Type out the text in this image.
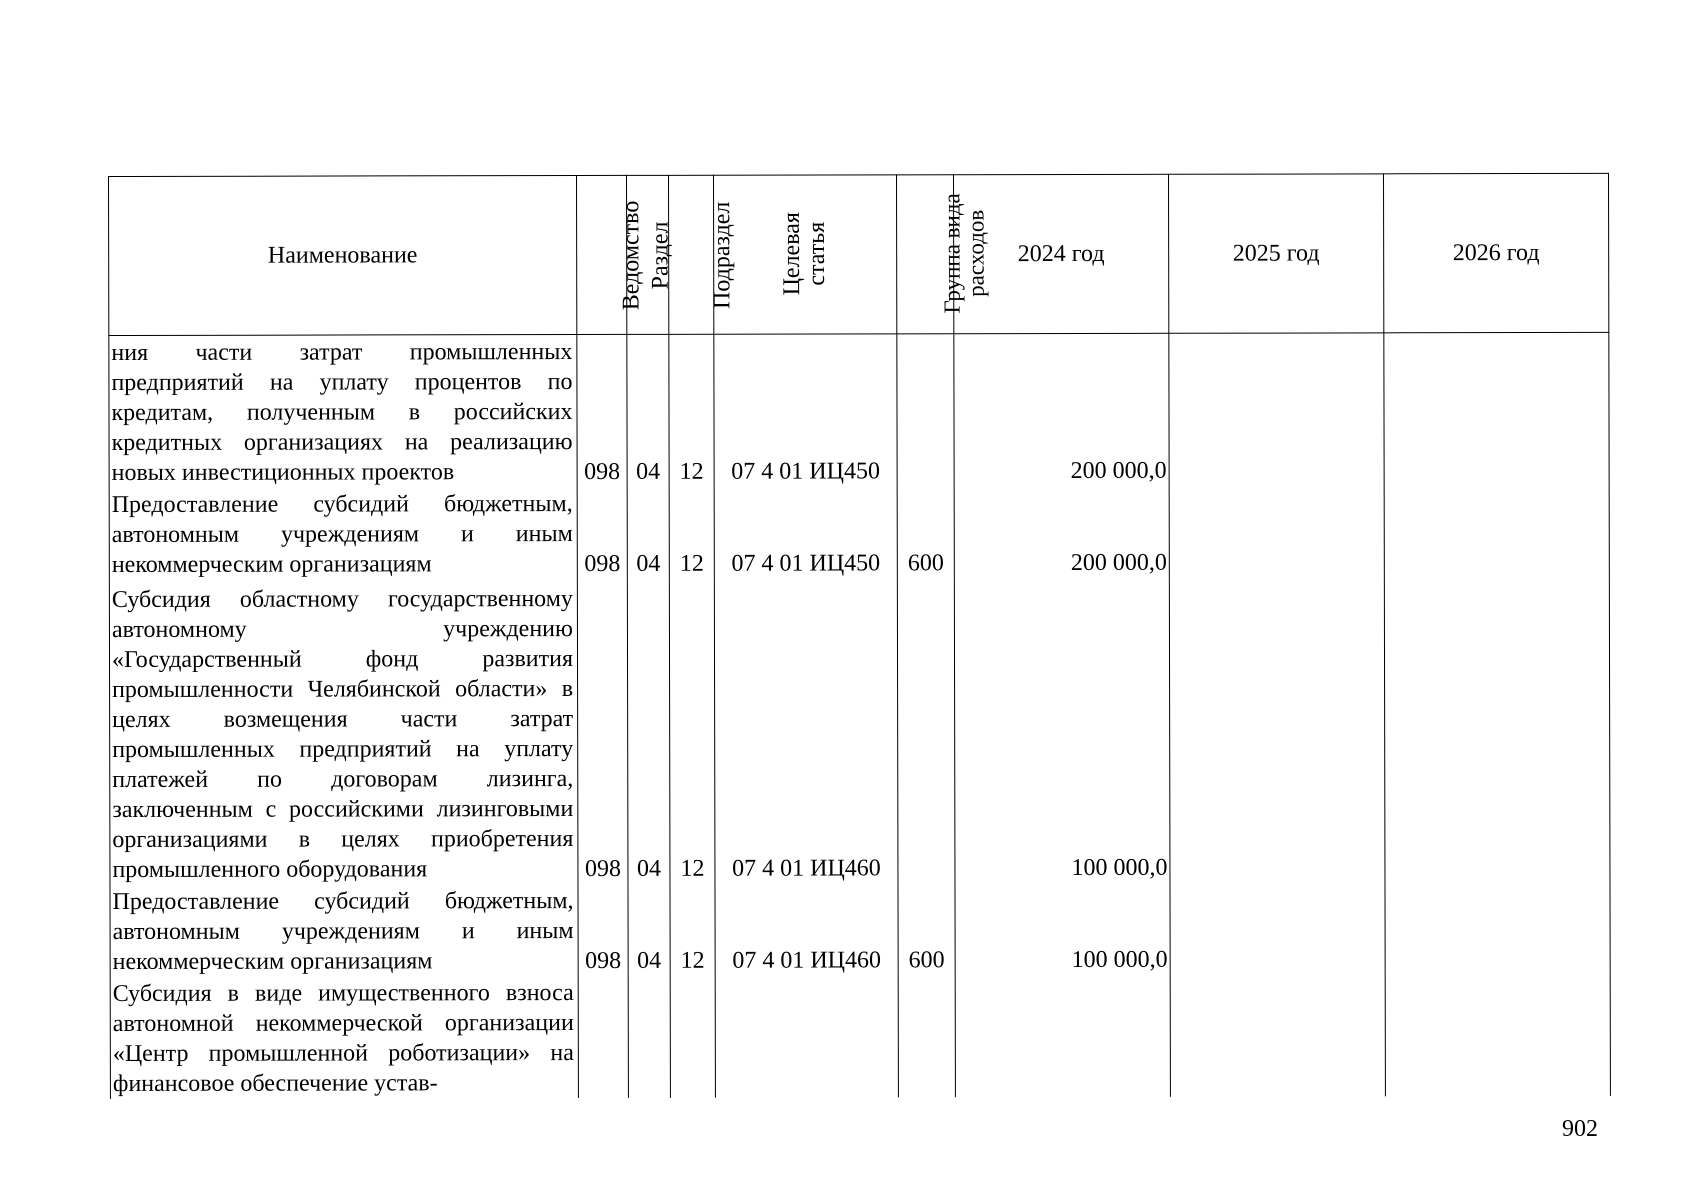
Наименование	Ведомство	Раздел	Подраздел	Целевая статья	Группа вида расходов	2024 год	2025 год	2026 год
ния части затрат промышленных предприятий на уплату процентов по кредитам, полученным в российских кредитных организациях на реализацию новых инвестиционных проектов	098	04	12	07 4 01 ИЦ450		200 000,0		
Предоставление субсидий бюджетным, автономным учреждениям и иным некоммерческим организациям	098	04	12	07 4 01 ИЦ450	600	200 000,0		
Субсидия областному государственному автономному учреждению «Государственный фонд развития промышленности Челябинской области» в целях возмещения части затрат промышленных предприятий на уплату платежей по договорам лизинга, заключенным с российскими лизинговыми организациями в целях приобретения промышленного оборудования	098	04	12	07 4 01 ИЦ460		100 000,0		
Предоставление субсидий бюджетным, автономным учреждениям и иным некоммерческим организациям	098	04	12	07 4 01 ИЦ460	600	100 000,0		
Субсидия в виде имущественного взноса автономной некоммерческой организации «Центр промышленной роботизации» на финансовое обеспечение устав-								
902
